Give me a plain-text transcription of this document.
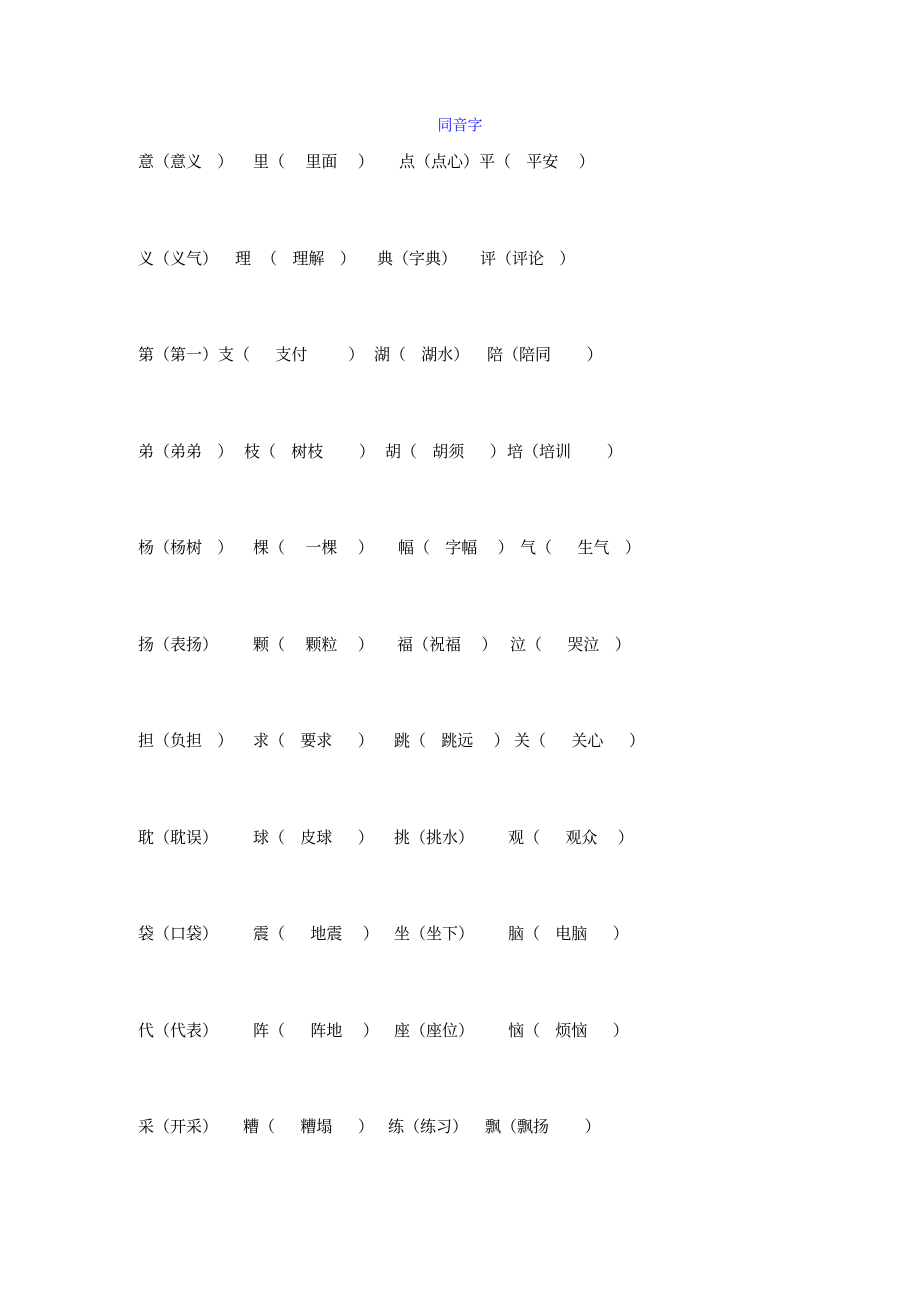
同音字
意（意义   ） 里（    里面    ） 点（点心）平（   平安    ）
义（义气） 理  （   理解   ） 典（字典） 评（评论   ）
第（第一）支（     支付        ） 湖（   湖水） 陪（陪同       ）
弟（弟弟   ） 枝（   树枝       ） 胡（   胡须     ） 培（培训       ）
杨（杨树   ） 棵（    一棵    ） 幅（   字幅    ） 气（     生气   ）
扬（表扬） 颗（    颗粒    ） 福（祝福    ） 泣（     哭泣   ）
担（负担   ） 求（   要求     ） 跳（   跳远    ） 关（     关心     ）
耽（耽误） 球（   皮球     ） 挑（挑水） 观（     观众    ）
袋（口袋） 震（     地震    ） 坐（坐下） 脑（   电脑     ）
代（代表） 阵（     阵地    ） 座（座位） 恼（   烦恼     ）
采（开采） 糟（     糟塌     ） 练（练习） 飘（飘扬       ）
